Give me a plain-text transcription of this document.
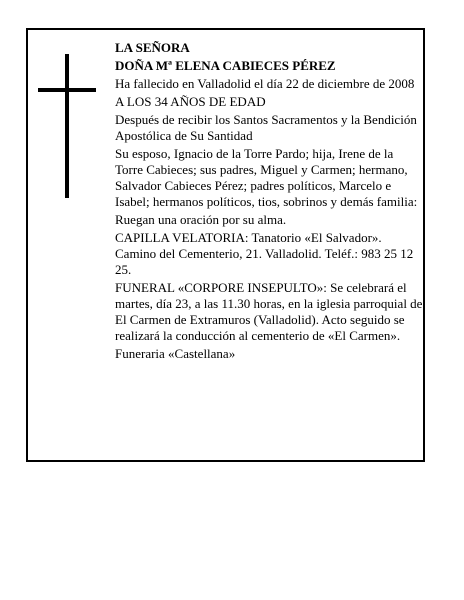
LA SEÑORA

DOÑA Mª ELENA CABIECES PÉREZ

Ha fallecido en Valladolid el día 22 de diciembre de 2008

A LOS 34 AÑOS DE EDAD

Después de recibir los Santos Sacramentos y la Bendición Apostólica de Su Santidad

Su esposo, Ignacio de la Torre Pardo; hija, Irene de la Torre Cabieces; sus padres, Miguel y Carmen; hermano, Salvador Cabieces Pérez; padres políticos, Marcelo e Isabel; hermanos políticos, tios, sobrinos y demás familia:

Ruegan una oración por su alma.

CAPILLA VELATORIA: Tanatorio «El Salvador». Camino del Cementerio, 21. Valladolid. Teléf.: 983 25 12 25.

FUNERAL «CORPORE INSEPULTO»: Se celebrará el martes, día 23, a las 11.30 horas, en la iglesia parroquial de El Carmen de Extramuros (Valladolid). Acto seguido se realizará la conducción al cementerio de «El Carmen».

Funeraria «Castellana»
